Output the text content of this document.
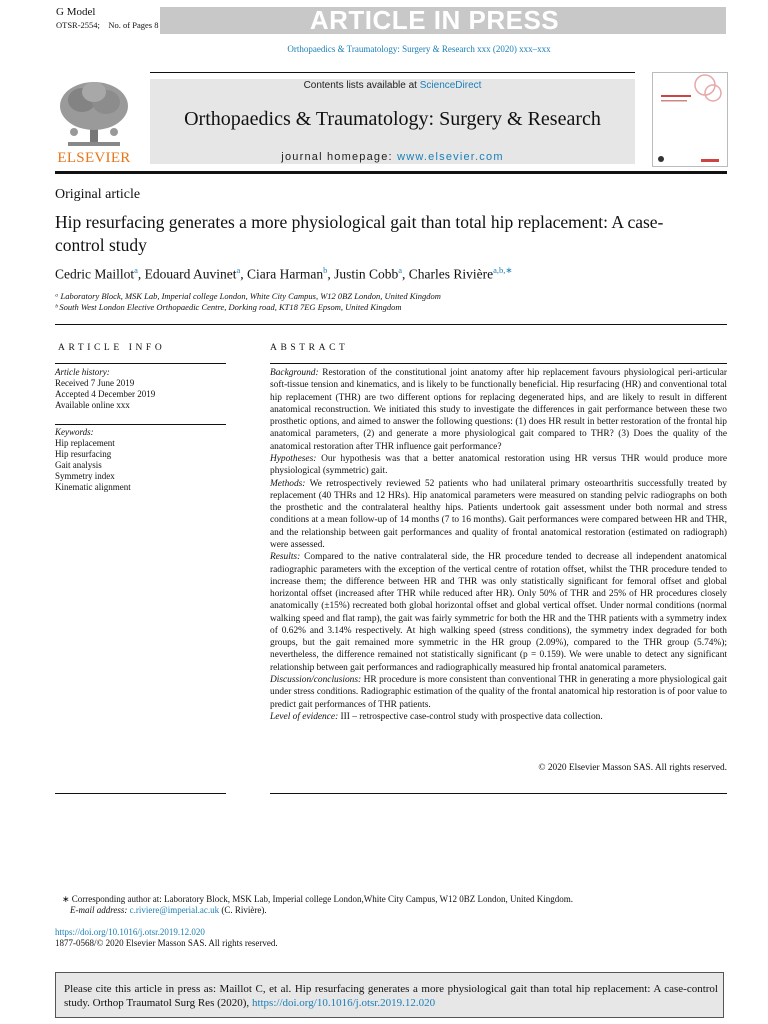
G Model
OTSR-2554;    No. of Pages 8	ARTICLE IN PRESS
Orthopaedics & Traumatology: Surgery & Research xxx (2020) xxx–xxx
ELSEVIER
Contents lists available at ScienceDirect
Orthopaedics & Traumatology: Surgery & Research
journal homepage: www.elsevier.com
Original article
Hip resurfacing generates a more physiological gait than total hip replacement: A case-control study
Cedric Maillot$^a$, Edouard Auvinet$^a$, Ciara Harman$^b$, Justin Cobb$^a$, Charles Rivière$^{a,b,∗}$
ᵃ Laboratory Block, MSK Lab, Imperial college London, White City Campus, W12 0BZ London, United Kingdom
ᵇ South West London Elective Orthopaedic Centre, Dorking road, KT18 7EG Epsom, United Kingdom
ARTICLE INFO	ABSTRACT
Article history:
Received 7 June 2019
Accepted 4 December 2019
Available online xxx
Keywords:
Hip replacement
Hip resurfacing
Gait analysis
Symmetry index
Kinematic alignment

Background: Restoration of the constitutional joint anatomy after hip replacement favours physiological peri-articular soft-tissue tension and kinematics, and is likely to be functionally beneficial. Hip resurfacing (HR) and conventional total hip replacement (THR) are two different options for replacing degenerated hips, and are likely to result in different anatomical reconstruction. We initiated this study to investigate the differences in gait performance between these two prosthetic options, and aimed to answer the following questions: (1) does HR result in better restoration of the frontal hip anatomical parameters, (2) and generate a more physiological gait compared to THR? (3) Does the quality of the anatomical restoration after THR influence gait performance?

Hypotheses: Our hypothesis was that a better anatomical restoration using HR versus THR would produce more physiological (symmetric) gait.

Methods: We retrospectively reviewed 52 patients who had unilateral primary osteoarthritis successfully treated by replacement (40 THRs and 12 HRs). Hip anatomical parameters were measured on standing pelvic radiographs on both the prosthetic and the contralateral healthy hips. Patients undertook gait assessment under both normal and stress conditions at a mean follow-up of 14 months (7 to 16 months). Gait performances were compared between HR and THR, and the relationship between gait performances and quality of frontal anatomical restoration (estimated on radiograph) were assessed.

Results: Compared to the native contralateral side, the HR procedure tended to decrease all independent anatomical radiographic parameters with the exception of the vertical centre of rotation offset, whilst the THR procedure tended to increase them; the difference between HR and THR was only statistically significant for femoral offset and global horizontal offset (increased after THR while reduced after HR). Only 50% of THR and 25% of HR procedures closely anatomically (±15%) recreated both global horizontal offset and global vertical offset. Under normal conditions (normal walking speed and flat ramp), the gait was fairly symmetric for both the HR and the THR patients with a symmetry index of 0.62% and 3.14% respectively. At high walking speed (stress conditions), the symmetry index degraded for both groups, but the gait remained more symmetric in the HR group (2.09%), compared to the THR group (5.74%); nevertheless, the difference remained not statistically significant (p = 0.159). We were unable to detect any significant relationship between gait performances and radiographically measured hip frontal anatomical parameters.

Discussion/conclusions: HR procedure is more consistent than conventional THR in generating a more physiological gait under stress conditions. Radiographic estimation of the quality of the frontal anatomical hip restoration is of poor value to predict gait performances of THR patients.

Level of evidence: III – retrospective case-control study with prospective data collection.

© 2020 Elsevier Masson SAS. All rights reserved.
∗ Corresponding author at: Laboratory Block, MSK Lab, Imperial college London,White City Campus, W12 0BZ London, United Kingdom.
E-mail address: c.riviere@imperial.ac.uk (C. Rivière).
https://doi.org/10.1016/j.otsr.2019.12.020
1877-0568/© 2020 Elsevier Masson SAS. All rights reserved.
Please cite this article in press as: Maillot C, et al. Hip resurfacing generates a more physiological gait than total hip replacement: A case-control study. Orthop Traumatol Surg Res (2020), https://doi.org/10.1016/j.otsr.2019.12.020
